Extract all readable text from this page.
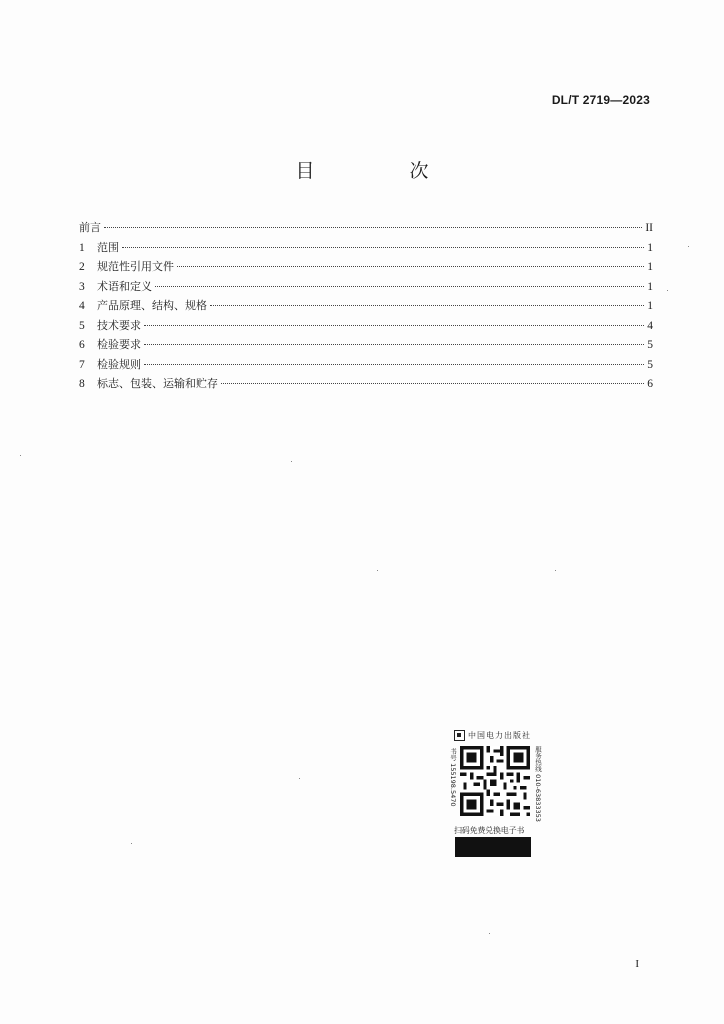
DL/T 2719—2023
目　次
前言	II
1	范围	1
2	规范性引用文件	1
3	术语和定义	1
4	产品原理、结构、规格	1
5	技术要求	4
6	检验要求	5
7	检验规则	5
8	标志、包装、运输和贮存	6
中国电力出版社
书号 155198.5470	服务热线 010-63833353
扫码免费兑换电子书
I
